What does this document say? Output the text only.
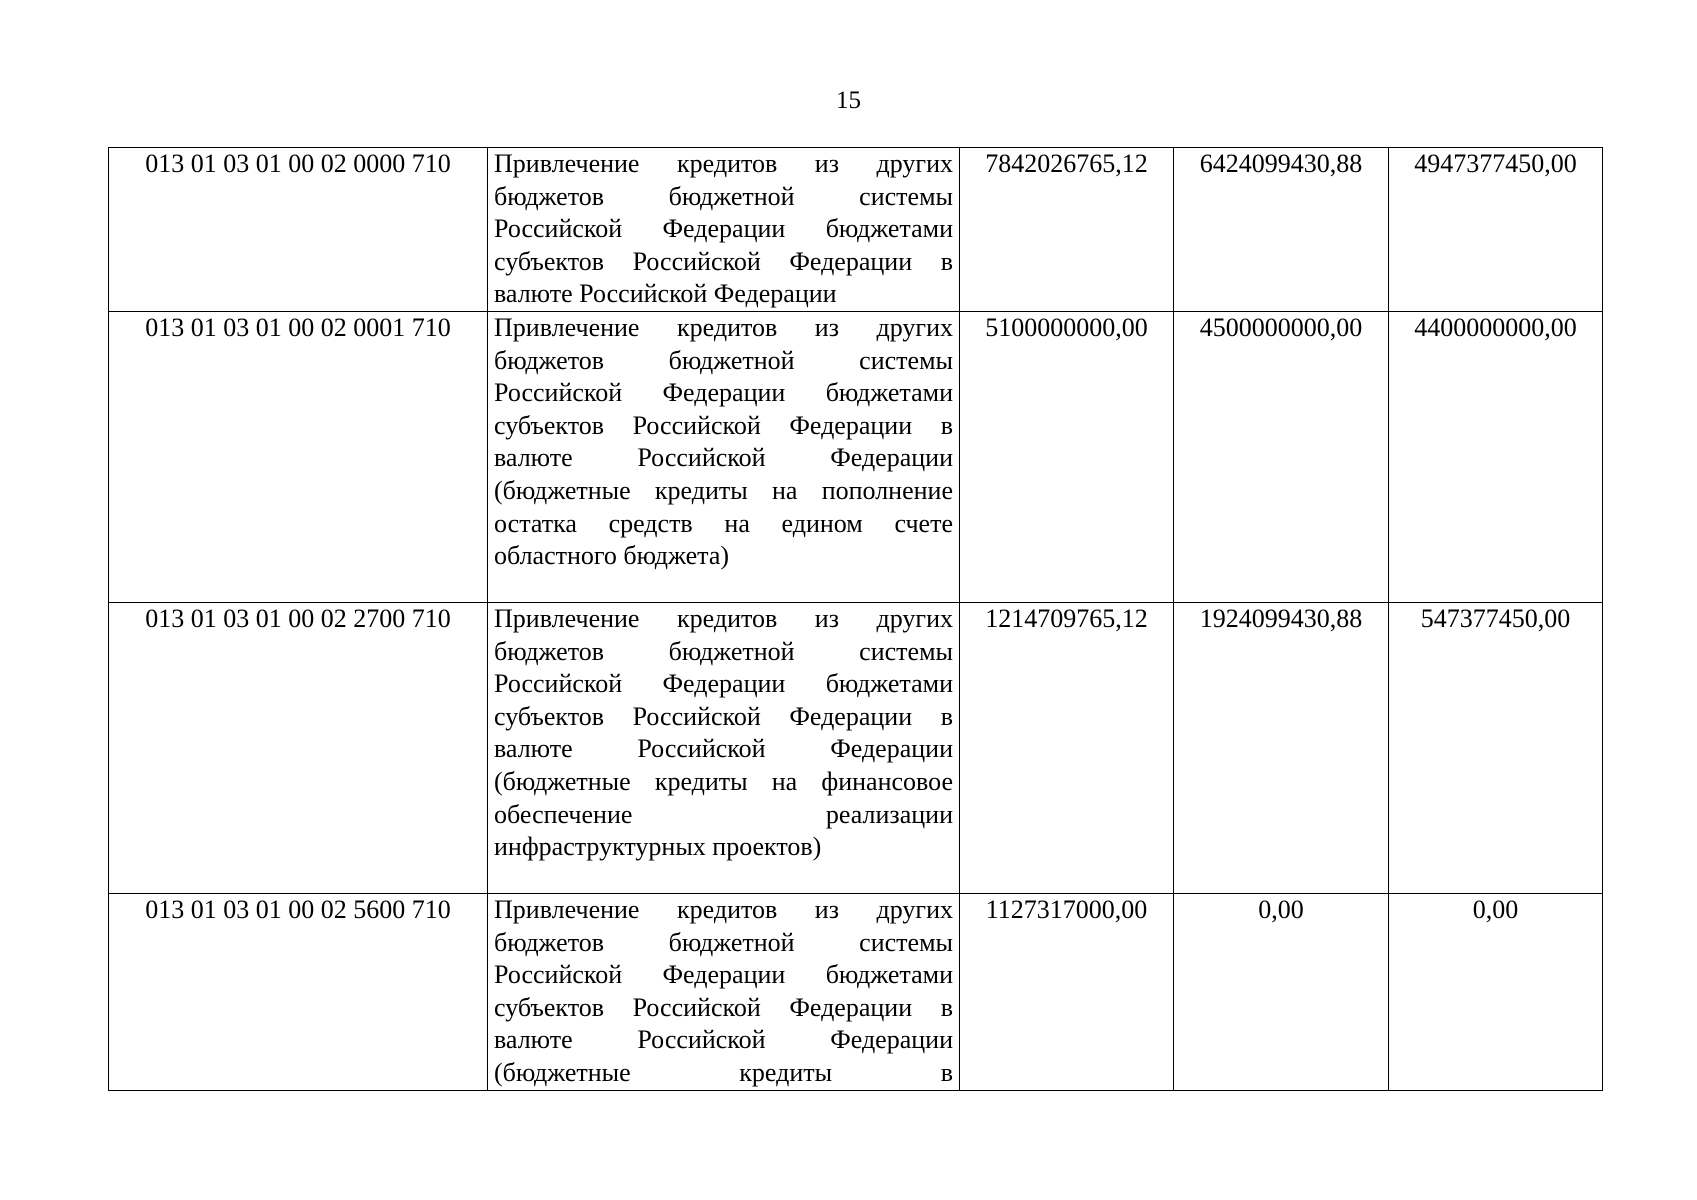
15
013 01 03 01 00 02 0000 710	Привлечение кредитов из других бюджетов бюджетной системы Российской Федерации бюджетами субъектов Российской Федерации в валюте Российской Федерации	7842026765,12	6424099430,88	4947377450,00
013 01 03 01 00 02 0001 710	Привлечение кредитов из других бюджетов бюджетной системы Российской Федерации бюджетами субъектов Российской Федерации в валюте Российской Федерации (бюджетные кредиты на пополнение остатка средств на едином счете областного бюджета)	5100000000,00	4500000000,00	4400000000,00
013 01 03 01 00 02 2700 710	Привлечение кредитов из других бюджетов бюджетной системы Российской Федерации бюджетами субъектов Российской Федерации в валюте Российской Федерации (бюджетные кредиты на финансовое обеспечение реализации инфраструктурных проектов)	1214709765,12	1924099430,88	547377450,00
013 01 03 01 00 02 5600 710	Привлечение кредитов из других бюджетов бюджетной системы Российской Федерации бюджетами субъектов Российской Федерации в валюте Российской Федерации (бюджетные кредиты в	1127317000,00	0,00	0,00
